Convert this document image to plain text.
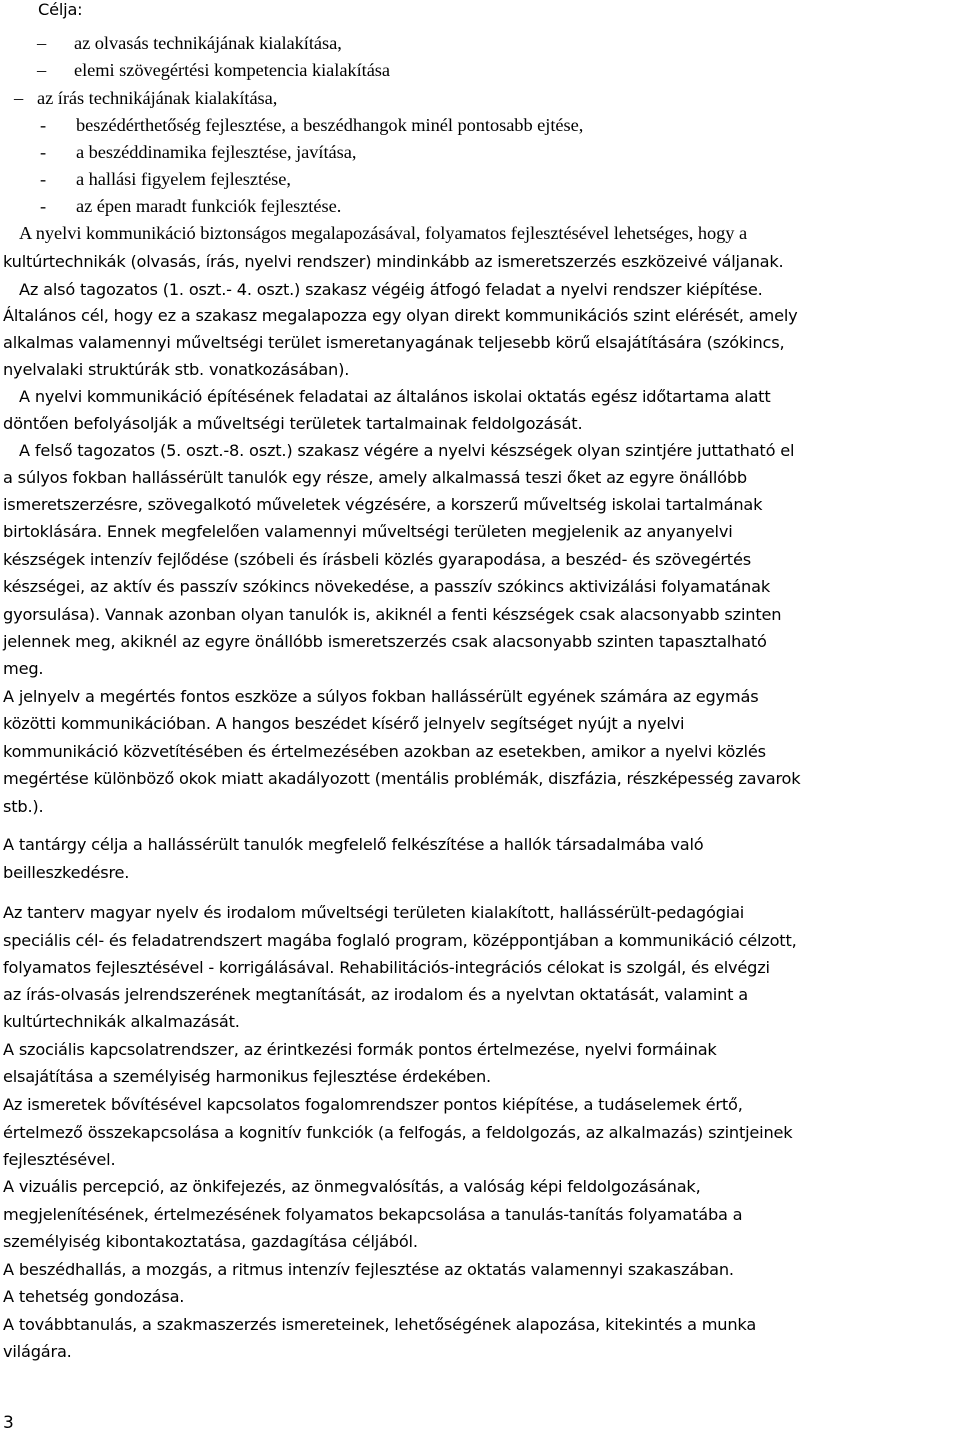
Célja:
– az olvasás technikájának kialakítása,
– elemi szövegértési kompetencia kialakítása
– az írás technikájának kialakítása,
- beszédérthetőség fejlesztése, a beszédhangok minél pontosabb ejtése,
- a beszéddinamika fejlesztése, javítása,
- a hallási figyelem fejlesztése,
- az épen maradt funkciók fejlesztése.
A nyelvi kommunikáció biztonságos megalapozásával, folyamatos fejlesztésével lehetséges, hogy a
kultúrtechnikák (olvasás, írás, nyelvi rendszer) mindinkább az ismeretszerzés eszközeivé váljanak.
Az alsó tagozatos (1. oszt.- 4. oszt.) szakasz végéig átfogó feladat a nyelvi rendszer kiépítése.
Általános cél, hogy ez a szakasz megalapozza egy olyan direkt kommunikációs szint elérését, amely
alkalmas valamennyi műveltségi terület ismeretanyagának teljesebb körű elsajátítására (szókincs,
nyelvalaki struktúrák stb. vonatkozásában).
A nyelvi kommunikáció építésének feladatai az általános iskolai oktatás egész időtartama alatt
döntően befolyásolják a műveltségi területek tartalmainak feldolgozását.
A felső tagozatos (5. oszt.-8. oszt.) szakasz végére a nyelvi készségek olyan szintjére juttatható el
a súlyos fokban hallássérült tanulók egy része, amely alkalmassá teszi őket az egyre önállóbb
ismeretszerzésre, szövegalkotó műveletek végzésére, a korszerű műveltség iskolai tartalmának
birtoklására. Ennek megfelelően valamennyi műveltségi területen megjelenik az anyanyelvi
készségek intenzív fejlődése (szóbeli és írásbeli közlés gyarapodása, a beszéd- és szövegértés
készségei, az aktív és passzív szókincs növekedése, a passzív szókincs aktivizálási folyamatának
gyorsulása). Vannak azonban olyan tanulók is, akiknél a fenti készségek csak alacsonyabb szinten
jelennek meg, akiknél az egyre önállóbb ismeretszerzés csak alacsonyabb szinten tapasztalható
meg.
A jelnyelv a megértés fontos eszköze a súlyos fokban hallássérült egyének számára az egymás
közötti kommunikációban. A hangos beszédet kísérő jelnyelv segítséget nyújt a nyelvi
kommunikáció közvetítésében és értelmezésében azokban az esetekben, amikor a nyelvi közlés
megértése különböző okok miatt akadályozott (mentális problémák, diszfázia, részképesség zavarok
stb.).
A tantárgy célja a hallássérült tanulók megfelelő felkészítése a hallók társadalmába való
beilleszkedésre.
Az tanterv magyar nyelv és irodalom műveltségi területen kialakított, hallássérült-pedagógiai
speciális cél- és feladatrendszert magába foglaló program, középpontjában a kommunikáció célzott,
folyamatos fejlesztésével - korrigálásával. Rehabilitációs-integrációs célokat is szolgál, és elvégzi
az írás-olvasás jelrendszerének megtanítását, az irodalom és a nyelvtan oktatását, valamint a
kultúrtechnikák alkalmazását.
A szociális kapcsolatrendszer, az érintkezési formák pontos értelmezése, nyelvi formáinak
elsajátítása a személyiség harmonikus fejlesztése érdekében.
Az ismeretek bővítésével kapcsolatos fogalomrendszer pontos kiépítése, a tudáselemek értő,
értelmező összekapcsolása a kognitív funkciók (a felfogás, a feldolgozás, az alkalmazás) szintjeinek
fejlesztésével.
A vizuális percepció, az önkifejezés, az önmegvalósítás, a valóság képi feldolgozásának,
megjelenítésének, értelmezésének folyamatos bekapcsolása a tanulás-tanítás folyamatába a
személyiség kibontakoztatása, gazdagítása céljából.
A beszédhallás, a mozgás, a ritmus intenzív fejlesztése az oktatás valamennyi szakaszában.
A tehetség gondozása.
A továbbtanulás, a szakmaszerzés ismereteinek, lehetőségének alapozása, kitekintés a munka
világára.
3
